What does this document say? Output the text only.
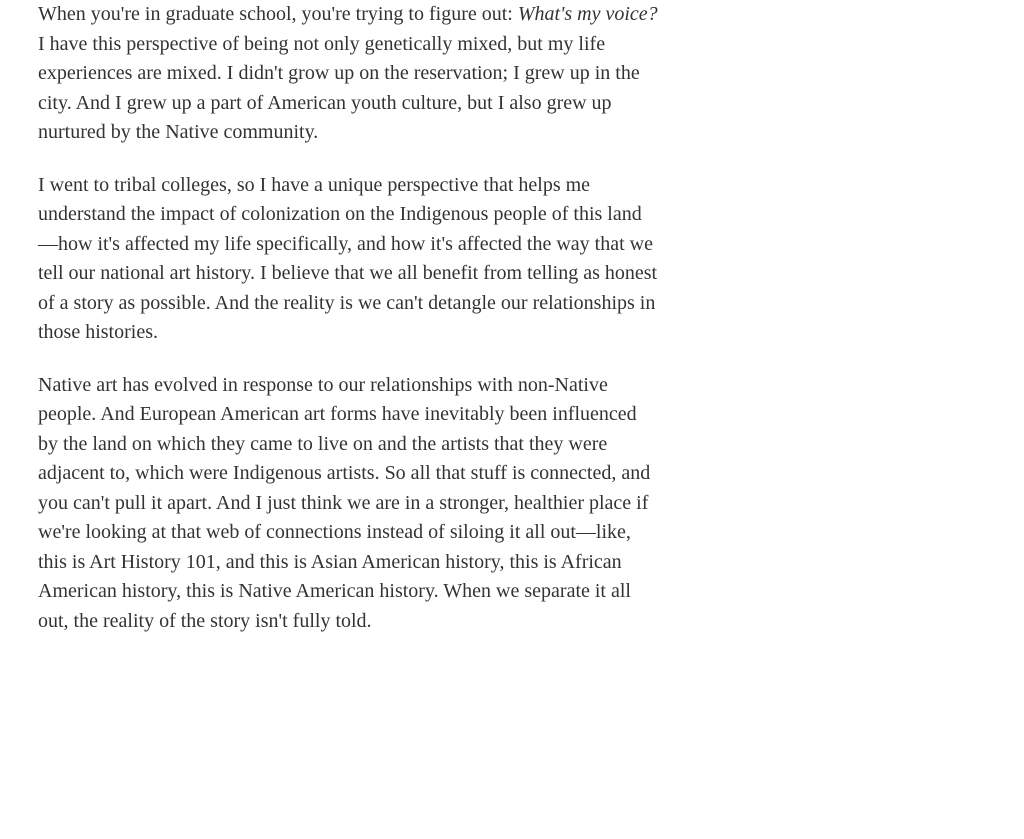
When you're in graduate school, you're trying to figure out: What's my voice? I have this perspective of being not only genetically mixed, but my life experiences are mixed. I didn't grow up on the reservation; I grew up in the city. And I grew up a part of American youth culture, but I also grew up nurtured by the Native community.

I went to tribal colleges, so I have a unique perspective that helps me understand the impact of colonization on the Indigenous people of this land—how it's affected my life specifically, and how it's affected the way that we tell our national art history. I believe that we all benefit from telling as honest of a story as possible. And the reality is we can't detangle our relationships in those histories.

Native art has evolved in response to our relationships with non-Native people. And European American art forms have inevitably been influenced by the land on which they came to live on and the artists that they were adjacent to, which were Indigenous artists. So all that stuff is connected, and you can't pull it apart. And I just think we are in a stronger, healthier place if we're looking at that web of connections instead of siloing it all out—like, this is Art History 101, and this is Asian American history, this is African American history, this is Native American history. When we separate it all out, the reality of the story isn't fully told.
